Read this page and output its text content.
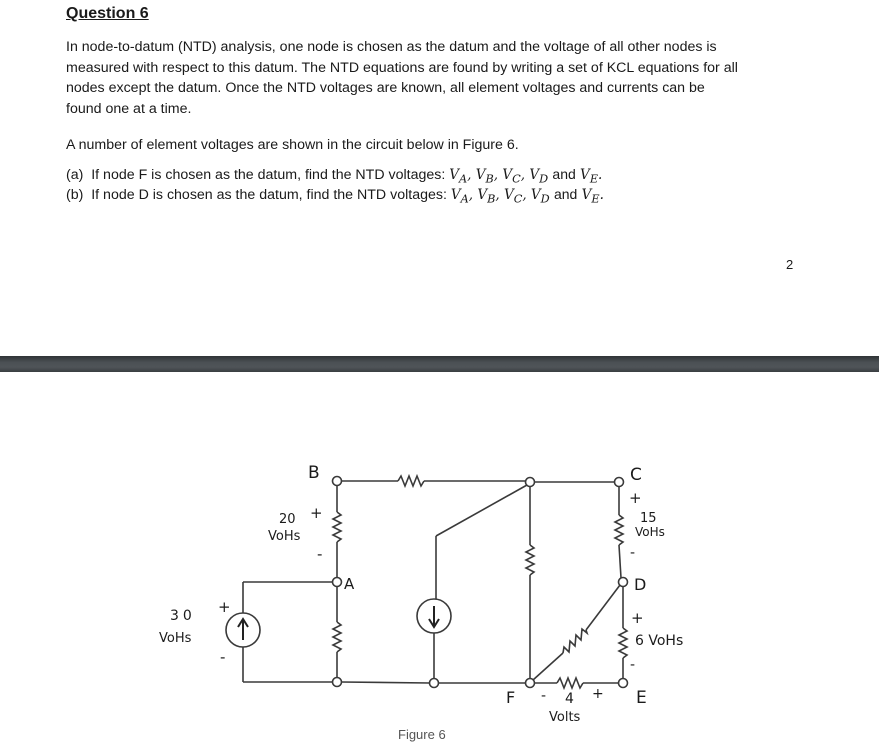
Question 6
In node-to-datum (NTD) analysis, one node is chosen as the datum and the voltage of all other nodes is
measured with respect to this datum. The NTD equations are found by writing a set of KCL equations for all
nodes except the datum. Once the NTD voltages are known, all element voltages and currents can be
found one at a time.
A number of element voltages are shown in the circuit below in Figure 6.
(a) If node F is chosen as the datum, find the NTD voltages: $V_A$, $V_B$, $V_C$, $V_D$ and $V_E$.
(b) If node D is chosen as the datum, find the NTD voltages: $V_A$, $V_B$, $V_C$, $V_D$ and $V_E$.
2
B
A
C
D
E
F
20
VoHs
+
-
30
VoHs
+
-
+
15
VoHs
-
+
6 VoHs
-
- 4 +
Volts
Figure 6
